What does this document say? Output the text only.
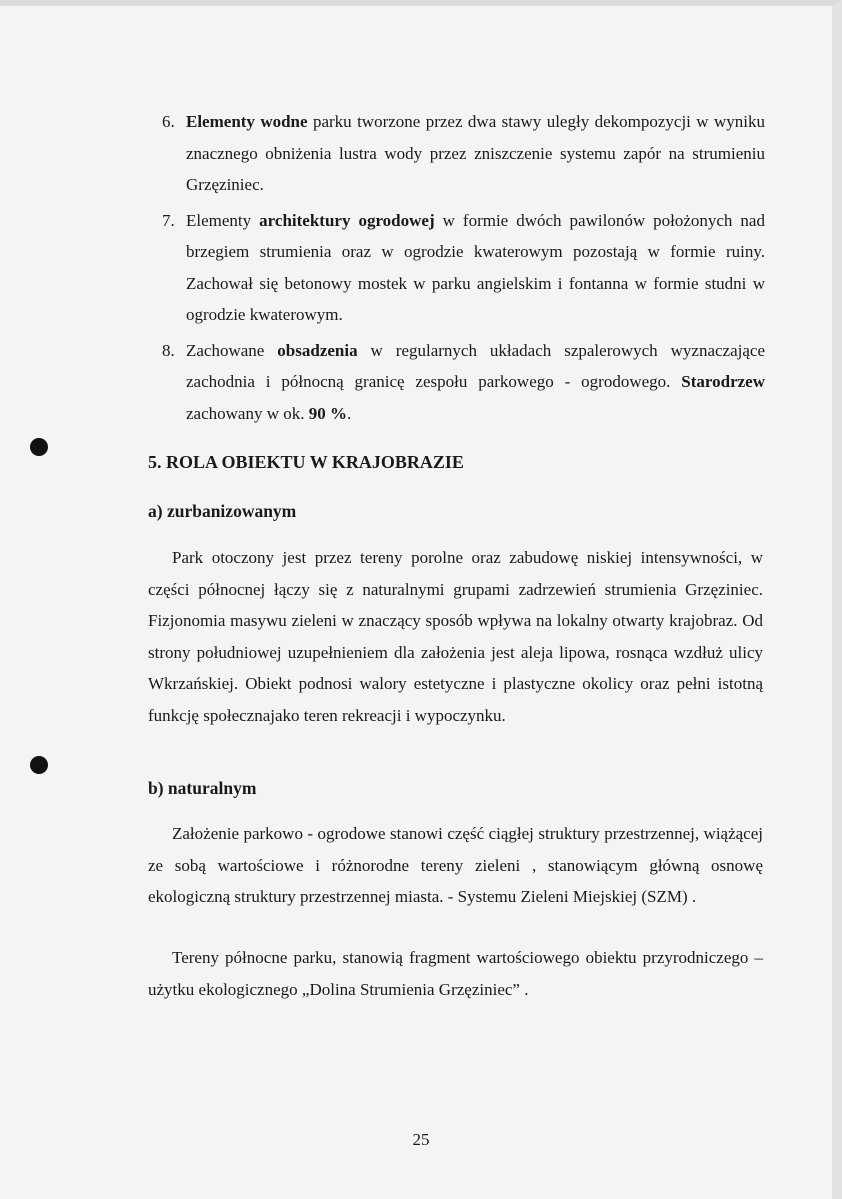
6. Elementy wodne parku tworzone przez dwa stawy uległy dekompozycji w wyniku znacznego obniżenia lustra wody przez zniszczenie systemu zapór na strumieniu Grzęziniec.
7. Elementy architektury ogrodowej w formie dwóch pawilonów położonych nad brzegiem strumienia oraz w ogrodzie kwaterowym pozostają w formie ruiny. Zachował się betonowy mostek w parku angielskim i fontanna w formie studni w ogrodzie kwaterowym.
8. Zachowane obsadzenia w regularnych układach szpalerowych wyznaczające zachodnia i północną granicę zespołu parkowego - ogrodowego. Starodrzew zachowany w ok. 90 %.
5. ROLA OBIEKTU W KRAJOBRAZIE
a) zurbanizowanym

Park otoczony jest przez tereny porolne oraz zabudowę niskiej intensywności, w części północnej łączy się z naturalnymi grupami zadrzewień strumienia Grzęziniec. Fizjonomia masywu zieleni w znaczący sposób wpływa na lokalny otwarty krajobraz. Od strony południowej uzupełnieniem dla założenia jest aleja lipowa, rosnąca wzdłuż ulicy Wkrzańskiej. Obiekt podnosi walory estetyczne i plastyczne okolicy oraz pełni istotną funkcję społecznajako teren rekreacji i wypoczynku.

b) naturalnym

Założenie parkowo - ogrodowe stanowi część ciągłej struktury przestrzennej, wiążącej ze sobą wartościowe i różnorodne tereny zieleni , stanowiącym główną osnowę ekologiczną struktury przestrzennej miasta. - Systemu Zieleni Miejskiej (SZM) .

Tereny północne parku, stanowią fragment wartościowego obiektu przyrodniczego – użytku ekologicznego „Dolina Strumienia Grzęziniec” .

25
